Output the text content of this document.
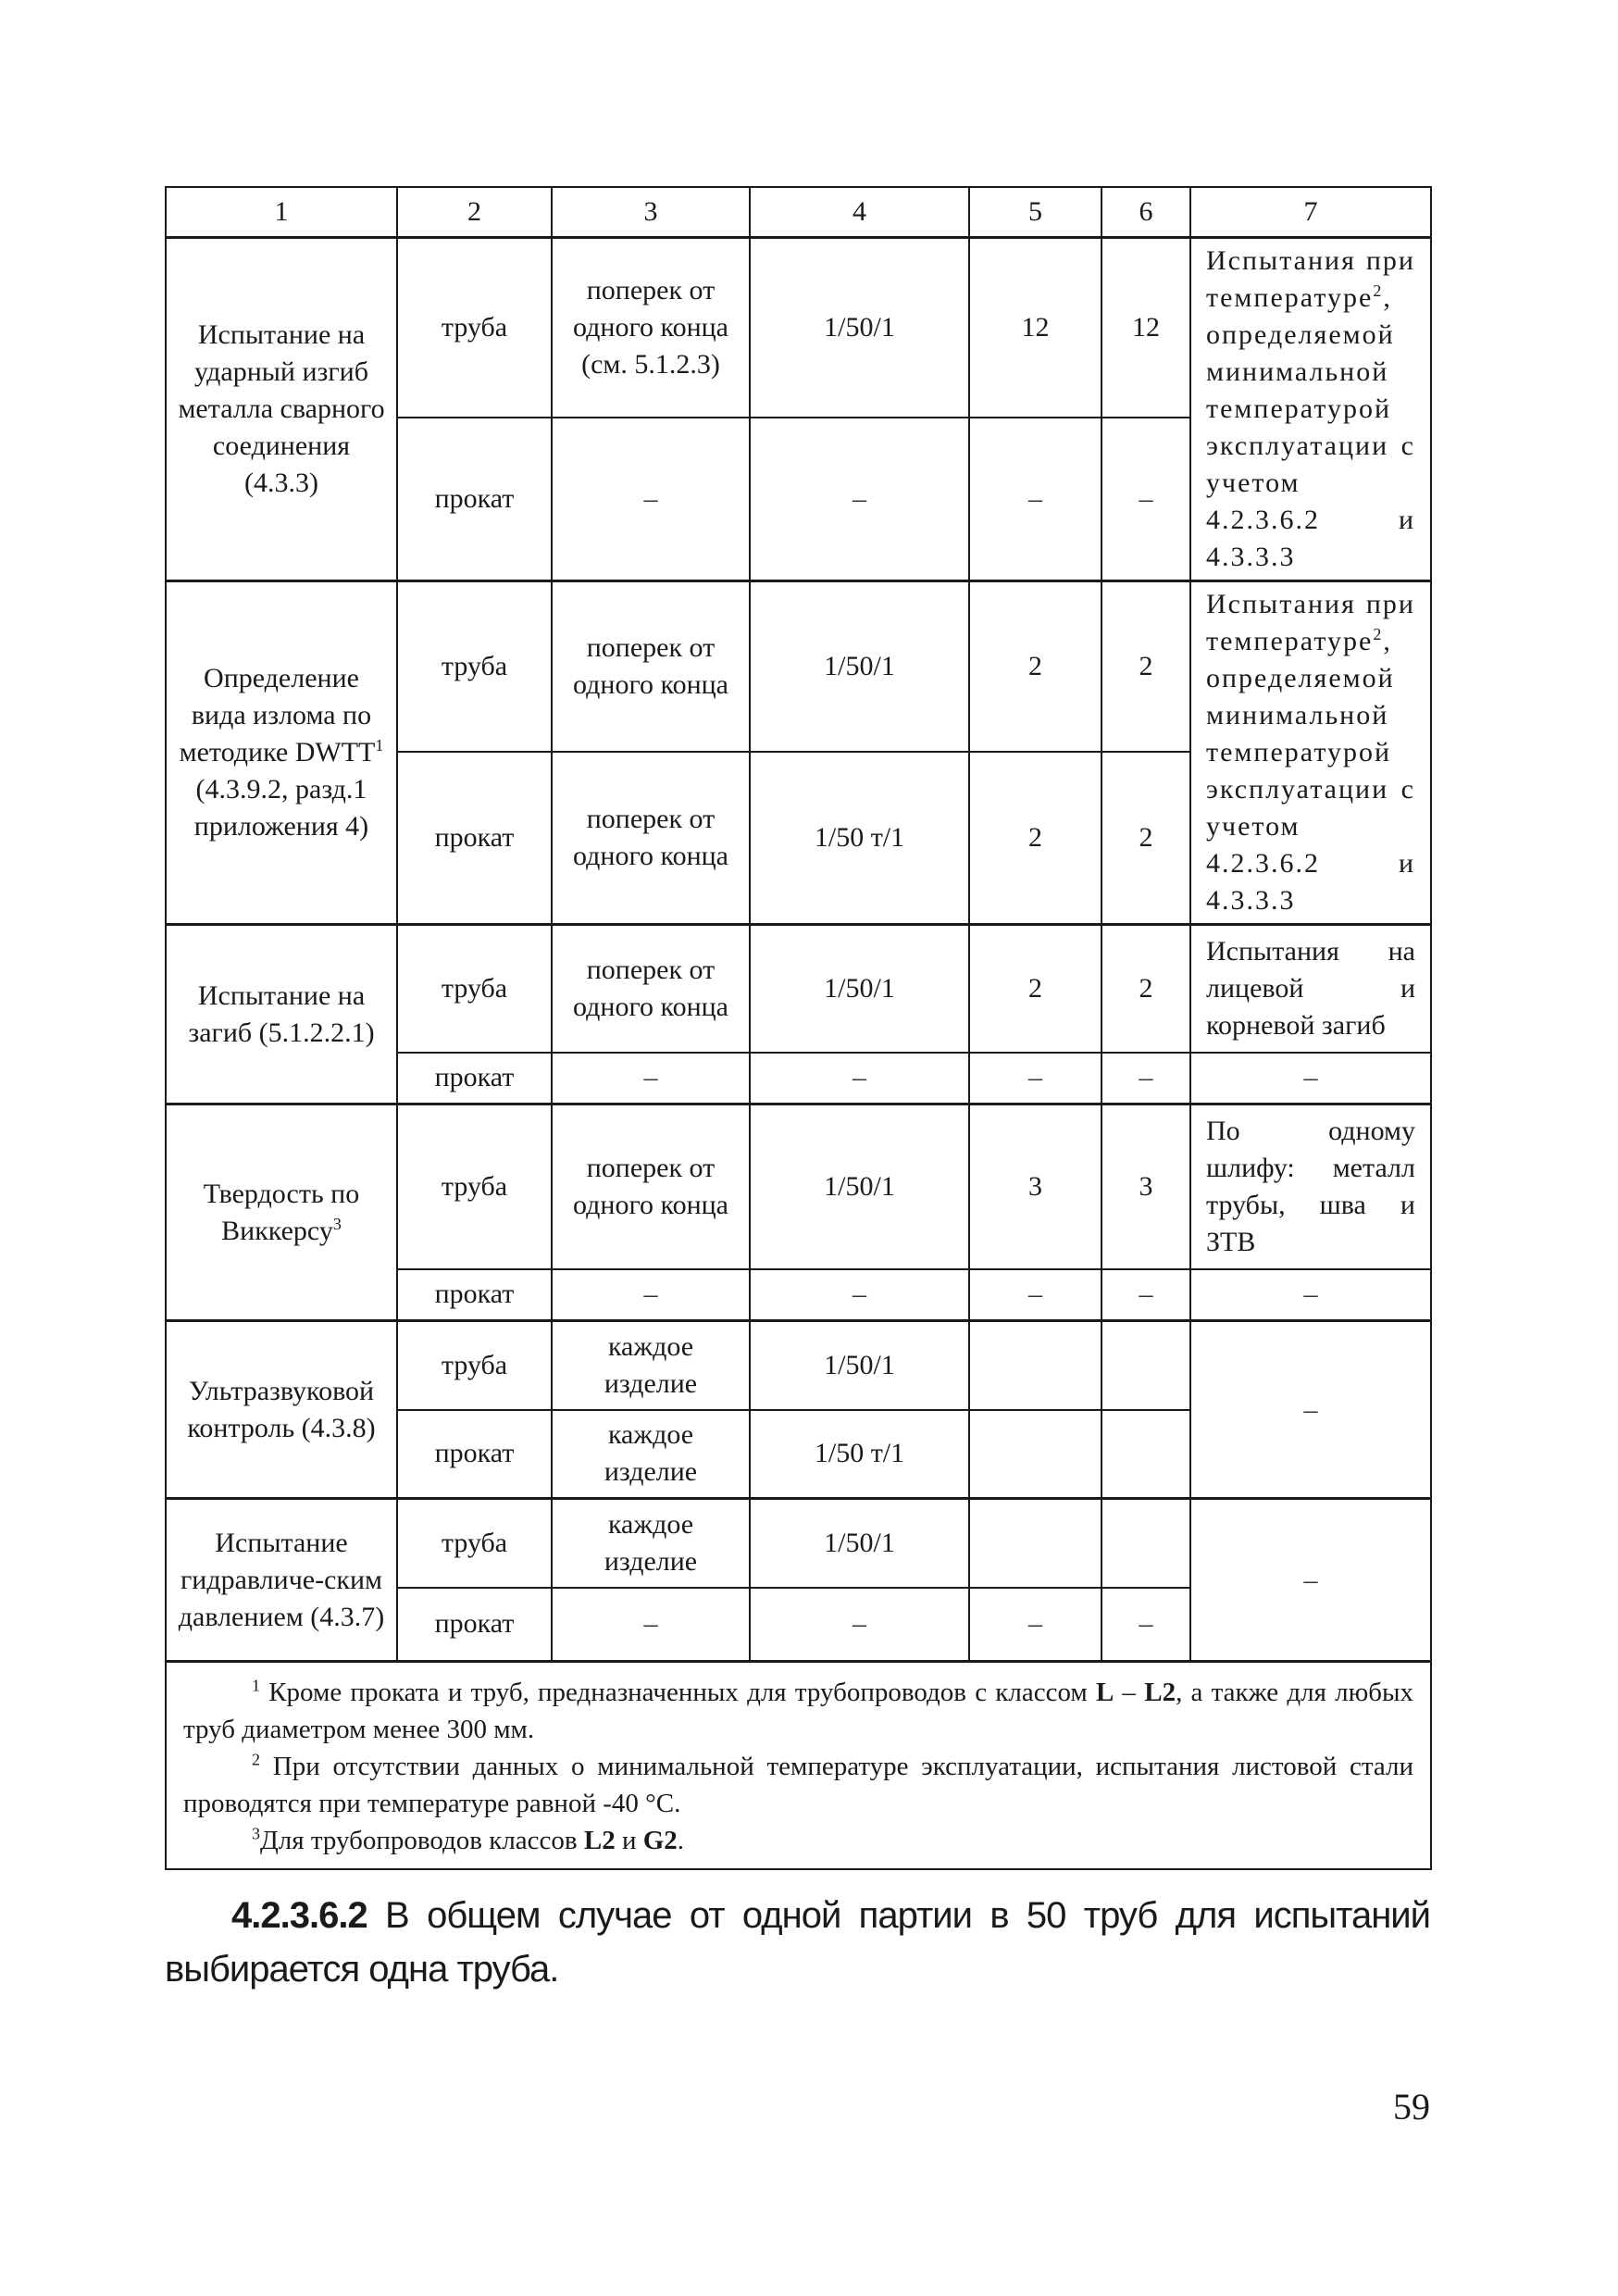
1	2	3	4	5	6	7
Испытание на ударный изгиб металла сварного соединения (4.3.3)	труба	поперек от одного конца (см. 5.1.2.3)	1/50/1	12	12	Испытания при температуре$^2$, определяемой минимальной температурой эксплуатации с учетом 4.2.3.6.2 и 4.3.3.3
	прокат	–	–	–	–	
Определение вида излома по методике DWTT$^1$ (4.3.9.2, разд.1 приложения 4)	труба	поперек от одного конца	1/50/1	2	2	Испытания при температуре$^2$, определяемой минимальной температурой эксплуатации с учетом 4.2.3.6.2 и 4.3.3.3
	прокат	поперек от одного конца	1/50 т/1	2	2	
Испытание на загиб (5.1.2.2.1)	труба	поперек от одного конца	1/50/1	2	2	Испытания на лицевой и корневой загиб
	прокат	–	–	–	–	–
Твердость по Виккерсу$^3$	труба	поперек от одного конца	1/50/1	3	3	По одному шлифу: металл трубы, шва и ЗТВ
	прокат	–	–	–	–	–
Ультразвуковой контроль (4.3.8)	труба	каждое изделие	1/50/1			–
	прокат	каждое изделие	1/50 т/1			
Испытание гидравличе-ским давлением (4.3.7)	труба	каждое изделие	1/50/1			–
	прокат	–	–	–	–	

$^1$ Кроме проката и труб, предназначенных для трубопроводов с классом L – L2, а также для любых труб диаметром менее 300 мм.
$^2$ При отсутствии данных о минимальной температуре эксплуатации, испытания листовой стали проводятся при температуре равной -40 °С.
$^3$Для трубопроводов классов L2 и G2.						

4.2.3.6.2 В общем случае от одной партии в 50 труб для испытаний выбирается одна труба.

59
